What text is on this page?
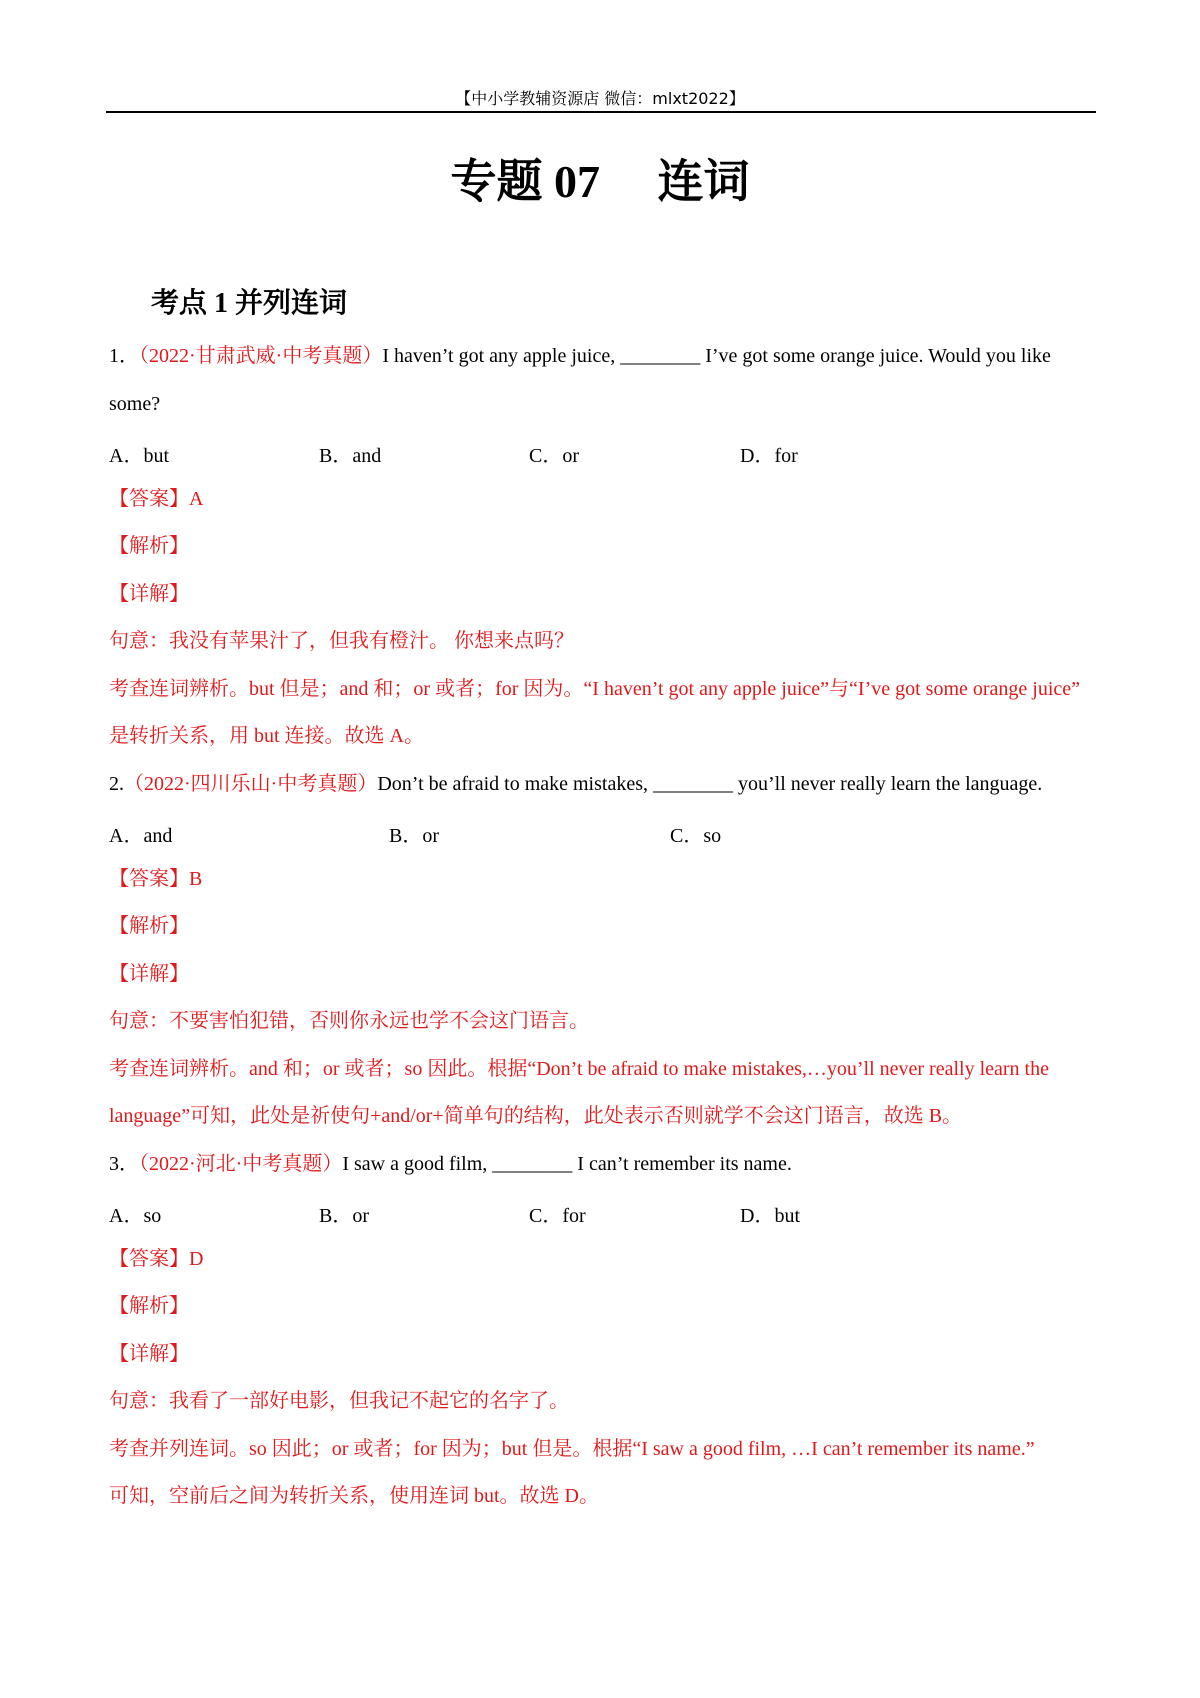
【中小学教辅资源店 微信：mlxt2022】
专题 07　 连词
考点 1 并列连词
1．（2022·甘肃武威·中考真题）I haven’t got any apple juice, ________ I’ve got some orange juice. Would you like
some?
A．but	B．and	C．or	D．for
【答案】A
【解析】
【详解】
句意：我没有苹果汁了，但我有橙汁。 你想来点吗？
考查连词辨析。but 但是；and 和；or 或者；for 因为。“I haven’t got any apple juice”与“I’ve got some orange juice”
是转折关系，用 but 连接。故选 A。
2.（2022·四川乐山·中考真题）Don’t be afraid to make mistakes, ________ you’ll never really learn the language.
A．and	B．or	C．so
【答案】B
【解析】
【详解】
句意：不要害怕犯错，否则你永远也学不会这门语言。
考查连词辨析。and 和；or 或者；so 因此。根据“Don’t be afraid to make mistakes,…you’ll never really learn the
language”可知，此处是祈使句+and/or+简单句的结构，此处表示否则就学不会这门语言，故选 B。
3．（2022·河北·中考真题）I saw a good film, ________ I can’t remember its name.
A．so	B．or	C．for	D．but
【答案】D
【解析】
【详解】
句意：我看了一部好电影，但我记不起它的名字了。
考查并列连词。so 因此；or 或者；for 因为；but 但是。根据“I saw a good film, …I can’t remember its name.”
可知，空前后之间为转折关系，使用连词 but。故选 D。
